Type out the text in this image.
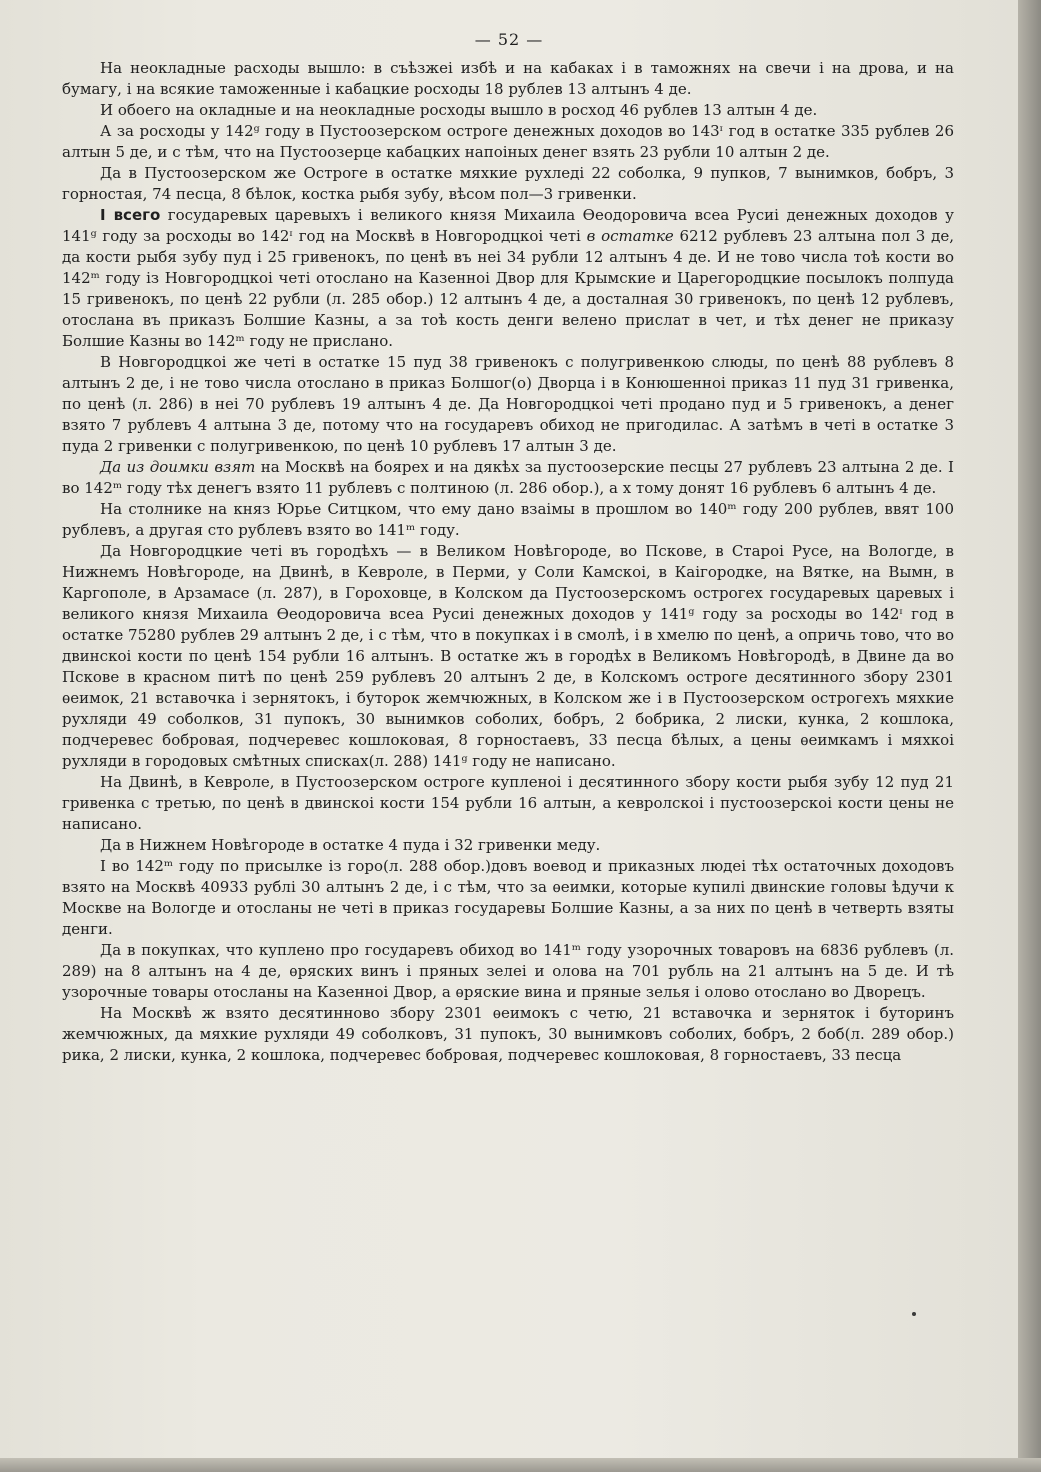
— 52 —

На неокладные расходы вышло: в съѣзжеі избѣ и на кабаках і в таможнях на свечи і на дрова, и на бумагу, і на всякие таможенные і кабацкие росходы 18 рублев 13 алтынъ 4 де.

И обоего на окладные и на неокладные росходы вышло в росход 46 рублев 13 алтын 4 де.

А за росходы у 142ᵍ году в Пустоозерском остроге денежных доходов во 143ᶦ год в остатке 335 рублев 26 алтын 5 де, и с тѣм, что на Пустоозерце кабацких напоіных денег взять 23 рубли 10 алтын 2 де.

Да в Пустоозерском же Остроге в остатке мяхкие рухледі 22 соболка, 9 пупков, 7 вынимков, бобръ, 3 горностая, 74 песца, 8 бѣлок, костка рыбя зубу, вѣсом пол—3 гривенки.

I всего государевых царевыхъ і великого князя Михаила Ѳеодоровича всеа Русиі денежных доходов у 141ᵍ году за росходы во 142ᶦ год на Москвѣ в Новгородцкоі четі в остатке 6212 рублевъ 23 алтына пол 3 де, да кости рыбя зубу пуд і 25 гривенокъ, по ценѣ въ неі 34 рубли 12 алтынъ 4 де. И не тово числа тоѣ кости во 142ᵐ году із Новгородцкоі четі отослано на Казенноі Двор для Крымские и Царегородцкие посылокъ полпуда 15 гривенокъ, по ценѣ 22 рубли (л. 285 обор.) 12 алтынъ 4 де, а досталная 30 гривенокъ, по ценѣ 12 рублевъ, отослана въ приказъ Болшие Казны, а за тоѣ кость денги велено прислат в чет, и тѣх денег не приказу Болшие Казны во 142ᵐ году не прислано.

В Новгородцкоі же четі в остатке 15 пуд 38 гривенокъ с полугривенкою слюды, по ценѣ 88 рублевъ 8 алтынъ 2 де, і не тово числа отослано в приказ Болшог(о) Дворца і в Конюшенноі приказ 11 пуд 31 гривенка, по ценѣ (л. 286) в неі 70 рублевъ 19 алтынъ 4 де. Да Новгородцкоі четі продано пуд и 5 гривенокъ, а денег взято 7 рублевъ 4 алтына 3 де, потому что на государевъ обиход не пригодилас. А затѣмъ в четі в остатке 3 пуда 2 гривенки с полугривенкою, по ценѣ 10 рублевъ 17 алтын 3 де.

Да из доимки взят на Москвѣ на боярех и на дякѣх за пустоозерские песцы 27 рублевъ 23 алтына 2 де. I во 142ᵐ году тѣх денегъ взято 11 рублевъ с полтиною (л. 286 обор.), а х тому донят 16 рублевъ 6 алтынъ 4 де.

На столнике на княз Юрье Ситцком, что ему дано взаімы в прошлом во 140ᵐ году 200 рублев, ввят 100 рублевъ, а другая сто рублевъ взято во 141ᵐ году.

Да Новгородцкие четі въ городѣхъ — в Великом Новѣгороде, во Пскове, в Староі Русе, на Вологде, в Нижнемъ Новѣгороде, на Двинѣ, в Кевроле, в Перми, у Соли Камскоі, в Каігородке, на Вятке, на Вымн, в Каргополе, в Арзамасе (л. 287), в Гороховце, в Колском да Пустоозерскомъ острогех государевых царевых і великого князя Михаила Ѳеодоровича всеа Русиі денежных доходов у 141ᵍ году за росходы во 142ᶦ год в остатке 75280 рублев 29 алтынъ 2 де, і с тѣм, что в покупках і в смолѣ, і в хмелю по ценѣ, а опричь тово, что во двинскоі кости по ценѣ 154 рубли 16 алтынъ. В остатке жъ в городѣх в Великомъ Новѣгородѣ, в Двине да во Пскове в красном питѣ по ценѣ 259 рублевъ 20 алтынъ 2 де, в Колскомъ остроге десятинного збору 2301 ѳеимок, 21 вставочка і зернятокъ, і буторок жемчюжных, в Колском же і в Пустоозерском острогехъ мяхкие рухляди 49 соболков, 31 пупокъ, 30 вынимков соболих, бобръ, 2 бобрика, 2 лиски, кунка, 2 кошлока, подчеревес бобровая, подчеревес кошлоковая, 8 горностаевъ, 33 песца бѣлых, а цены ѳеимкамъ і мяхкоі рухляди в городовых смѣтных списках(л. 288) 141ᵍ году не написано.

На Двинѣ, в Кевроле, в Пустоозерском остроге купленоі і десятинного збору кости рыбя зубу 12 пуд 21 гривенка с третью, по ценѣ в двинскоі кости 154 рубли 16 алтын, а кевролскоі і пустоозерскоі кости цены не написано.

Да в Нижнем Новѣгороде в остатке 4 пуда і 32 гривенки меду.

I во 142ᵐ году по присылке із горо(л. 288 обор.)довъ воевод и приказных людеі тѣх остаточных доходовъ взято на Москвѣ 40933 рублі 30 алтынъ 2 де, і с тѣм, что за ѳеимки, которые купилі двинские головы ѣдучи к Москве на Вологде и отосланы не четі в приказ государевы Болшие Казны, а за них по ценѣ в четверть взяты денги.

Да в покупках, что куплено про государевъ обиход во 141ᵐ году узорочных товаровъ на 6836 рублевъ (л. 289) на 8 алтынъ на 4 де, ѳряских винъ і пряных зелеі и олова на 701 рубль на 21 алтынъ на 5 де. И тѣ узорочные товары отосланы на Казенноі Двор, а ѳряские вина и пряные зелья і олово отослано во Дворецъ.

На Москвѣ ж взято десятинново збору 2301 ѳеимокъ с четю, 21 вставочка и зерняток і буторинъ жемчюжных, да мяхкие рухляди 49 соболковъ, 31 пупокъ, 30 вынимковъ соболих, бобръ, 2 боб(л. 289 обор.) рика, 2 лиски, кунка, 2 кошлока, подчеревес бобровая, подчеревес кошлоковая, 8 горностаевъ, 33 песца
